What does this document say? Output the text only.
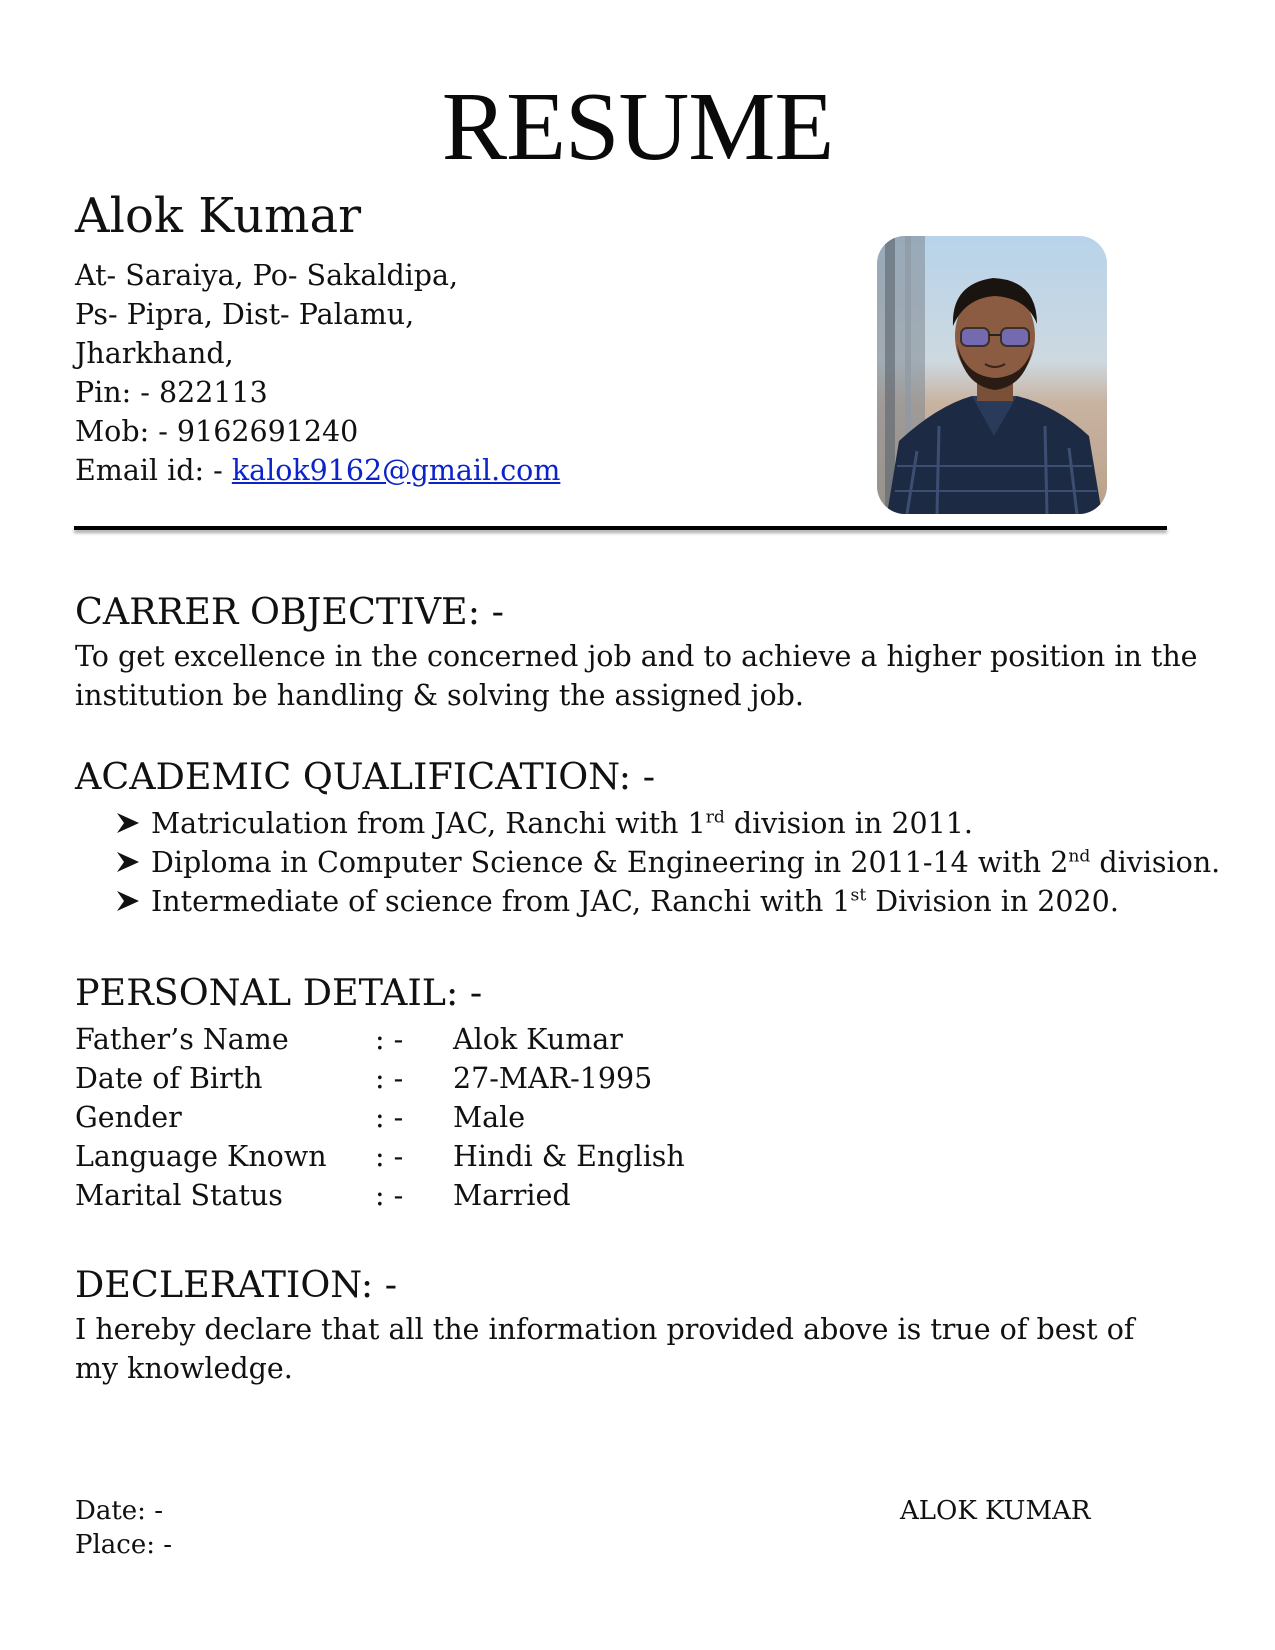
RESUME
Alok Kumar
At- Saraiya, Po- Sakaldipa,
Ps- Pipra, Dist- Palamu,
Jharkhand,
Pin: - 822113
Mob: - 9162691240
Email id: - kalok9162@gmail.com
CARRER OBJECTIVE: -
To get excellence in the concerned job and to achieve a higher position in the institution be handling & solving the assigned job.
ACADEMIC QUALIFICATION: -
Matriculation from JAC, Ranchi with 1rd division in 2011.
Diploma in Computer Science & Engineering in 2011-14 with 2nd division.
Intermediate of science from JAC, Ranchi with 1st Division in 2020.
PERSONAL DETAIL: -
Father’s Name	: -	Alok Kumar
Date of Birth	: -	27-MAR-1995
Gender	: -	Male
Language Known	: -	Hindi & English
Marital Status	: -	Married
DECLERATION: -
I hereby declare that all the information provided above is true of best of my knowledge.
Date: -
Place: -
ALOK KUMAR
